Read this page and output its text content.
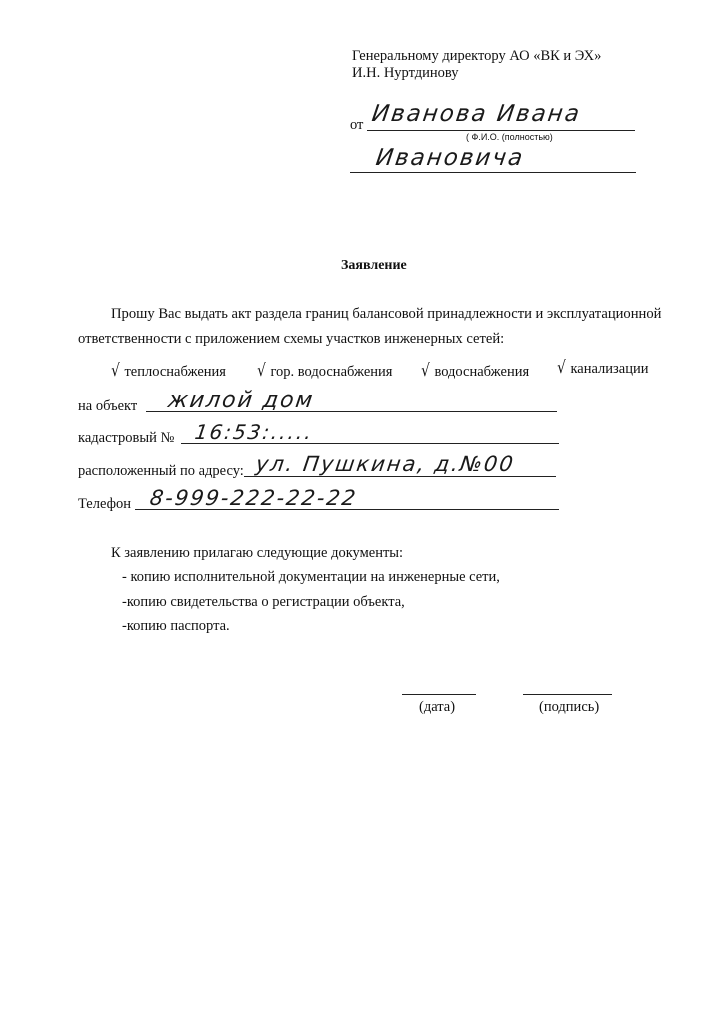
Генеральному директору АО «ВК и ЭХ»
И.Н. Нуртдинову
от Иванова Ивана
( Ф.И.О. (полностью)
Ивановича
Заявление
Прошу Вас выдать акт раздела границ балансовой принадлежности и эксплуатационной
ответственности с приложением схемы участков инженерных сетей:
√ теплоснабжения √ гор. водоснабжения √ водоснабжения √ канализации
на объект жилой дом
кадастровый № 16:53:.....
расположенный по адресу: ул. Пушкина, д.№00
Телефон 8-999-222-22-22
К заявлению прилагаю следующие документы:
- копию исполнительной документации на инженерные сети,
-копию свидетельства о регистрации объекта,
-копию паспорта.
(дата)	(подпись)
